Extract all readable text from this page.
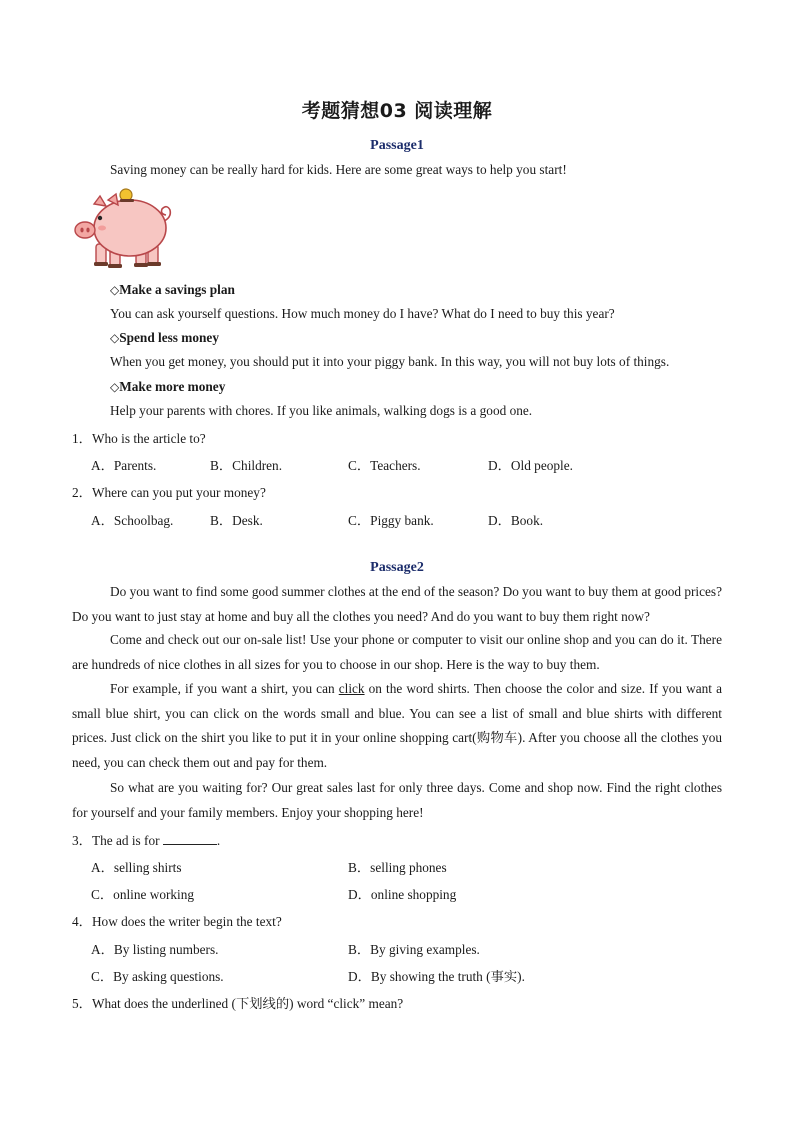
考题猜想03 阅读理解
Passage1
Saving money can be really hard for kids. Here are some great ways to help you start!
◇Make a savings plan
You can ask yourself questions. How much money do I have? What do I need to buy this year?
◇Spend less money
When you get money, you should put it into your piggy bank. In this way, you will not buy lots of things.
◇Make more money
Help your parents with chores. If you like animals, walking dogs is a good one.
1．Who is the article to?
A．Parents.	B．Children.	C．Teachers.	D．Old people.
2．Where can you put your money?
A．Schoolbag.	B．Desk.	C．Piggy bank.	D．Book.
Passage2

Do you want to find some good summer clothes at the end of the season? Do you want to buy them at good prices? Do you want to just stay at home and buy all the clothes you need? And do you want to buy them right now?

Come and check out our on-sale list! Use your phone or computer to visit our online shop and you can do it. There are hundreds of nice clothes in all sizes for you to choose in our shop. Here is the way to buy them.

For example, if you want a shirt, you can click on the word shirts. Then choose the color and size. If you want a small blue shirt, you can click on the words small and blue. You can see a list of small and blue shirts with different prices. Just click on the shirt you like to put it in your online shopping cart(购物车). After you choose all the clothes you need, you can check them out and pay for them.

So what are you waiting for? Our great sales last for only three days. Come and shop now. Find the right clothes for yourself and your family members. Enjoy your shopping here!

3．The ad is for	.
A．selling shirts	B．selling phones
C．online working	D．online shopping
4．How does the writer begin the text?
A．By listing numbers.	B．By giving examples.
C．By asking questions.	D．By showing the truth (事实).
5．What does the underlined (下划线的) word “click” mean?
